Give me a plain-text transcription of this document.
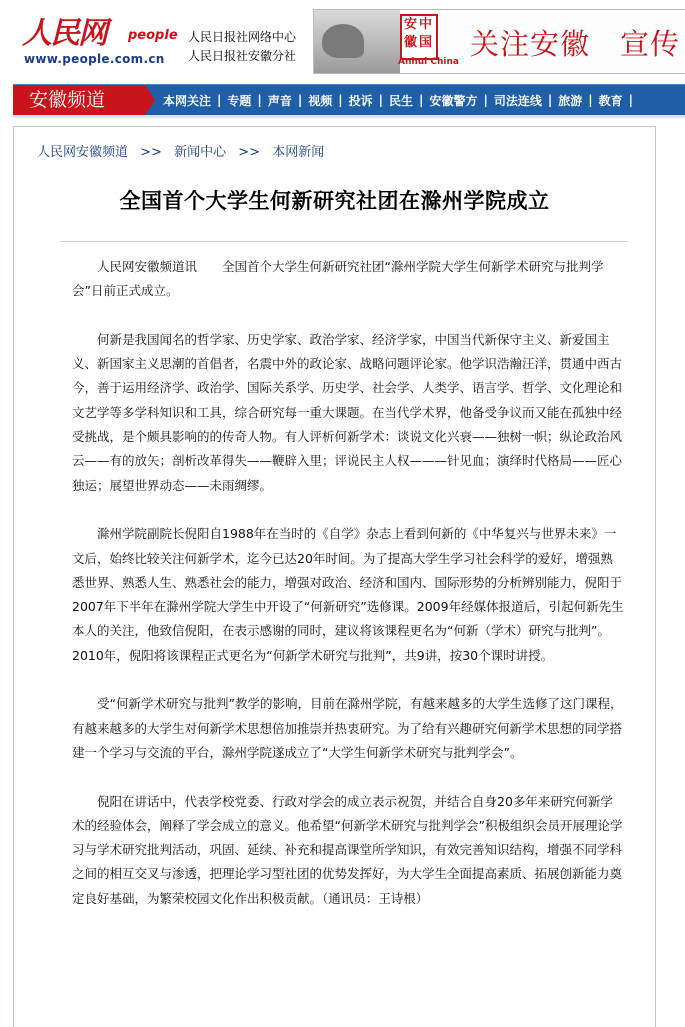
人民网 people
www.people.com.cn
人民日报社网络中心
人民日报社安徽分社
安 中
徽 国
Anhui China
关注安徽　宣传
安徽频道	本网关注 | 专题 | 声音 | 视频 | 投诉 | 民生 | 安徽警方 | 司法连线 | 旅游 | 教育 |
人民网安徽频道 >> 新闻中心 >> 本网新闻
全国首个大学生何新研究社团在滁州学院成立

人民网安徽频道讯　　全国首个大学生何新研究社团“滁州学院大学生何新学术研究与批判学会”日前正式成立。

何新是我国闻名的哲学家、历史学家、政治学家、经济学家，中国当代新保守主义、新爱国主义、新国家主义思潮的首倡者，名震中外的政论家、战略问题评论家。他学识浩瀚汪洋，贯通中西古今，善于运用经济学、政治学、国际关系学、历史学、社会学、人类学、语言学、哲学、文化理论和文艺学等多学科知识和工具，综合研究每一重大课题。在当代学术界，他备受争议而又能在孤独中经受挑战，是个颇具影响的的传奇人物。有人评析何新学术：谈说文化兴衰——独树一帜；纵论政治风云——有的放矢；剖析改革得失——鞭辟入里；评说民主人权———针见血；演绎时代格局——匠心独运；展望世界动态——未雨绸缪。

滁州学院副院长倪阳自1988年在当时的《自学》杂志上看到何新的《中华复兴与世界未来》一文后，始终比较关注何新学术，迄今已达20年时间。为了提高大学生学习社会科学的爱好，增强熟悉世界、熟悉人生、熟悉社会的能力，增强对政治、经济和国内、国际形势的分析辨别能力，倪阳于2007年下半年在滁州学院大学生中开设了“何新研究”选修课。2009年经媒体报道后，引起何新先生本人的关注，他致信倪阳，在表示感谢的同时，建议将该课程更名为“何新（学术）研究与批判”。2010年，倪阳将该课程正式更名为“何新学术研究与批判”，共9讲，按30个课时讲授。

受“何新学术研究与批判”教学的影响，目前在滁州学院，有越来越多的大学生选修了这门课程，有越来越多的大学生对何新学术思想倍加推崇并热衷研究。为了给有兴趣研究何新学术思想的同学搭建一个学习与交流的平台，滁州学院遂成立了“大学生何新学术研究与批判学会”。

倪阳在讲话中，代表学校党委、行政对学会的成立表示祝贺，并结合自身20多年来研究何新学术的经验体会，阐释了学会成立的意义。他希望“何新学术研究与批判学会”积极组织会员开展理论学习与学术研究批判活动，巩固、延续、补充和提高课堂所学知识，有效完善知识结构，增强不同学科之间的相互交叉与渗透，把理论学习型社团的优势发挥好，为大学生全面提高素质、拓展创新能力奠定良好基础，为繁荣校园文化作出积极贡献。（通讯员：王诗根）
